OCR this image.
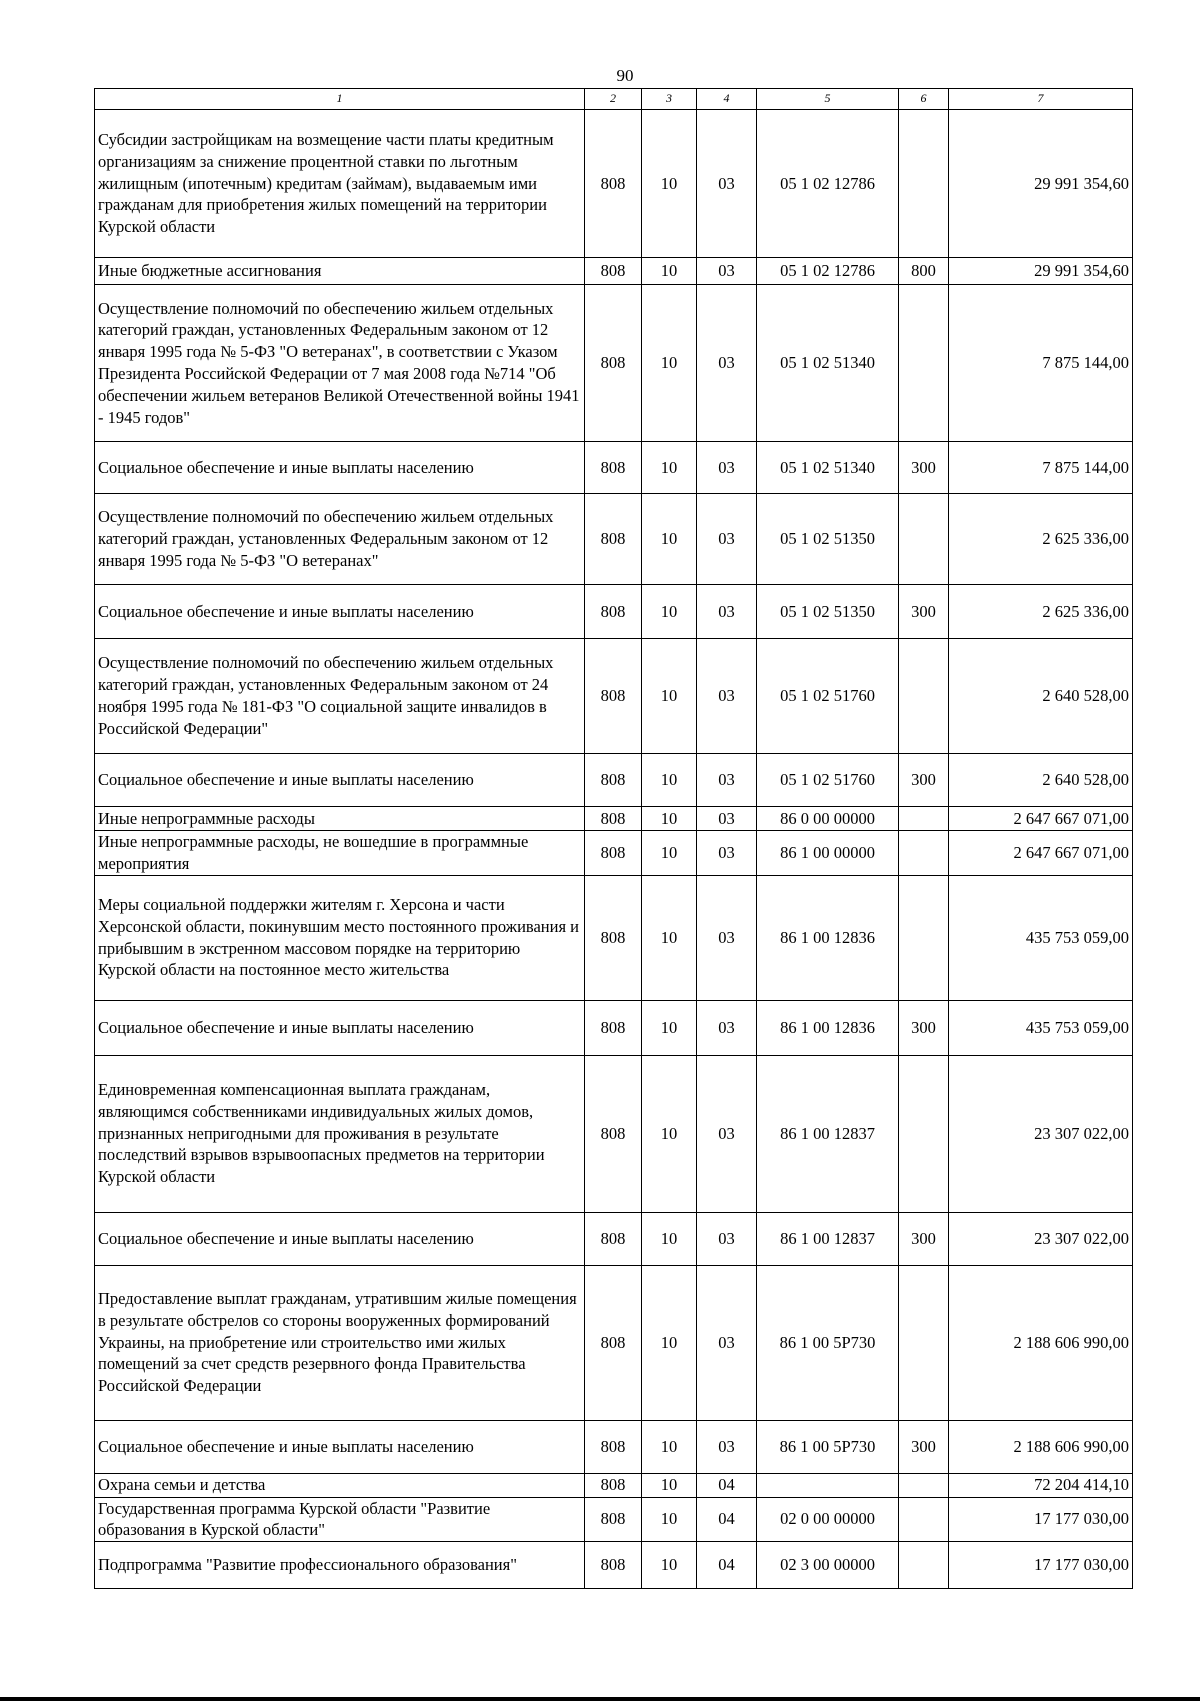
90
1	2	3	4	5	6	7
Субсидии застройщикам на возмещение части платы кредитным организациям за снижение процентной ставки по льготным жилищным (ипотечным) кредитам (займам), выдаваемым ими гражданам для приобретения жилых помещений на территории Курской области	808	10	03	05 1 02 12786		29 991 354,60
Иные бюджетные ассигнования	808	10	03	05 1 02 12786	800	29 991 354,60
Осуществление полномочий по обеспечению жильем отдельных категорий граждан, установленных Федеральным законом от 12 января 1995 года № 5-ФЗ "О ветеранах", в соответствии с Указом Президента Российской Федерации от 7 мая 2008 года №714 "Об обеспечении жильем ветеранов Великой Отечественной войны 1941 - 1945 годов"	808	10	03	05 1 02 51340		7 875 144,00
Социальное обеспечение и иные выплаты населению	808	10	03	05 1 02 51340	300	7 875 144,00
Осуществление полномочий по обеспечению жильем отдельных категорий граждан, установленных Федеральным законом от 12 января 1995 года № 5-ФЗ "О ветеранах"	808	10	03	05 1 02 51350		2 625 336,00
Социальное обеспечение и иные выплаты населению	808	10	03	05 1 02 51350	300	2 625 336,00
Осуществление полномочий по обеспечению жильем отдельных категорий граждан, установленных Федеральным законом от 24 ноября 1995 года № 181-ФЗ "О социальной защите инвалидов в Российской Федерации"	808	10	03	05 1 02 51760		2 640 528,00
Социальное обеспечение и иные выплаты населению	808	10	03	05 1 02 51760	300	2 640 528,00
Иные непрограммные расходы	808	10	03	86 0 00 00000		2 647 667 071,00
Иные непрограммные расходы, не вошедшие в программные мероприятия	808	10	03	86 1 00 00000		2 647 667 071,00
Меры социальной поддержки жителям г. Херсона и части Херсонской области, покинувшим место постоянного проживания и прибывшим в экстренном массовом порядке на территорию Курской области на постоянное место жительства	808	10	03	86 1 00 12836		435 753 059,00
Социальное обеспечение и иные выплаты населению	808	10	03	86 1 00 12836	300	435 753 059,00
Единовременная компенсационная выплата гражданам, являющимся собственниками индивидуальных жилых домов, признанных непригодными для проживания в результате последствий взрывов взрывоопасных предметов на территории Курской области	808	10	03	86 1 00 12837		23 307 022,00
Социальное обеспечение и иные выплаты населению	808	10	03	86 1 00 12837	300	23 307 022,00
Предоставление выплат гражданам, утратившим жилые помещения в результате обстрелов со стороны вооруженных формирований Украины, на приобретение или строительство ими жилых помещений за счет средств резервного фонда Правительства Российской Федерации	808	10	03	86 1 00 5Р730		2 188 606 990,00
Социальное обеспечение и иные выплаты населению	808	10	03	86 1 00 5Р730	300	2 188 606 990,00
Охрана семьи и детства	808	10	04			72 204 414,10
Государственная программа Курской области "Развитие образования в Курской области"	808	10	04	02 0 00 00000		17 177 030,00
Подпрограмма "Развитие профессионального образования"	808	10	04	02 3 00 00000		17 177 030,00
